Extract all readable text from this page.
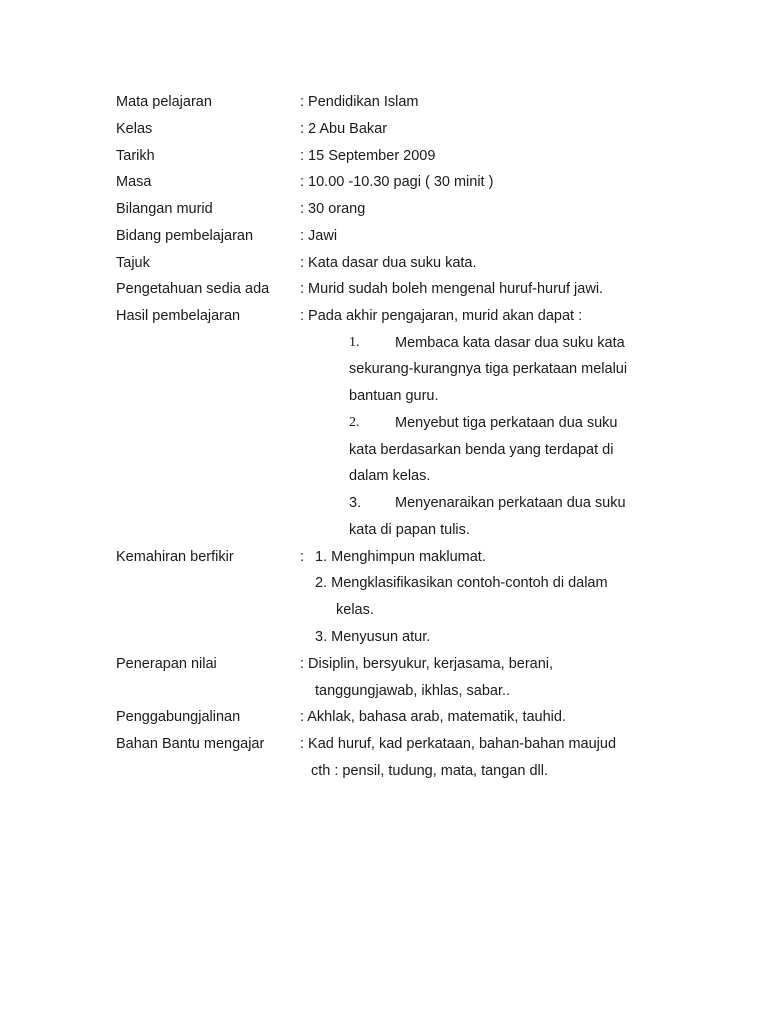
Mata pelajaran	: Pendidikan Islam
Kelas	: 2 Abu Bakar
Tarikh	: 15 September 2009
Masa	: 10.00 -10.30 pagi ( 30 minit )
Bilangan murid	: 30 orang
Bidang pembelajaran	: Jawi
Tajuk	: Kata dasar dua suku kata.
Pengetahuan sedia ada : Murid sudah boleh mengenal huruf-huruf jawi.
Hasil pembelajaran	: Pada akhir pengajaran, murid akan dapat :
1. Membaca kata dasar dua suku kata
sekurang-kurangnya tiga perkataan melalui
bantuan guru.
2. Menyebut tiga perkataan dua suku
kata berdasarkan benda yang terdapat di
dalam kelas.
3. Menyenaraikan perkataan dua suku
kata di papan tulis.
Kemahiran berfikir	: 1. Menghimpun maklumat.
2. Mengklasifikasikan contoh-contoh di dalam
kelas.
3. Menyusun atur.
Penerapan nilai	: Disiplin, bersyukur, kerjasama, berani,
tanggungjawab, ikhlas, sabar..
Penggabungjalinan	: Akhlak, bahasa arab, matematik, tauhid.
Bahan Bantu mengajar : Kad huruf, kad perkataan, bahan-bahan maujud
cth : pensil, tudung, mata, tangan dll.
